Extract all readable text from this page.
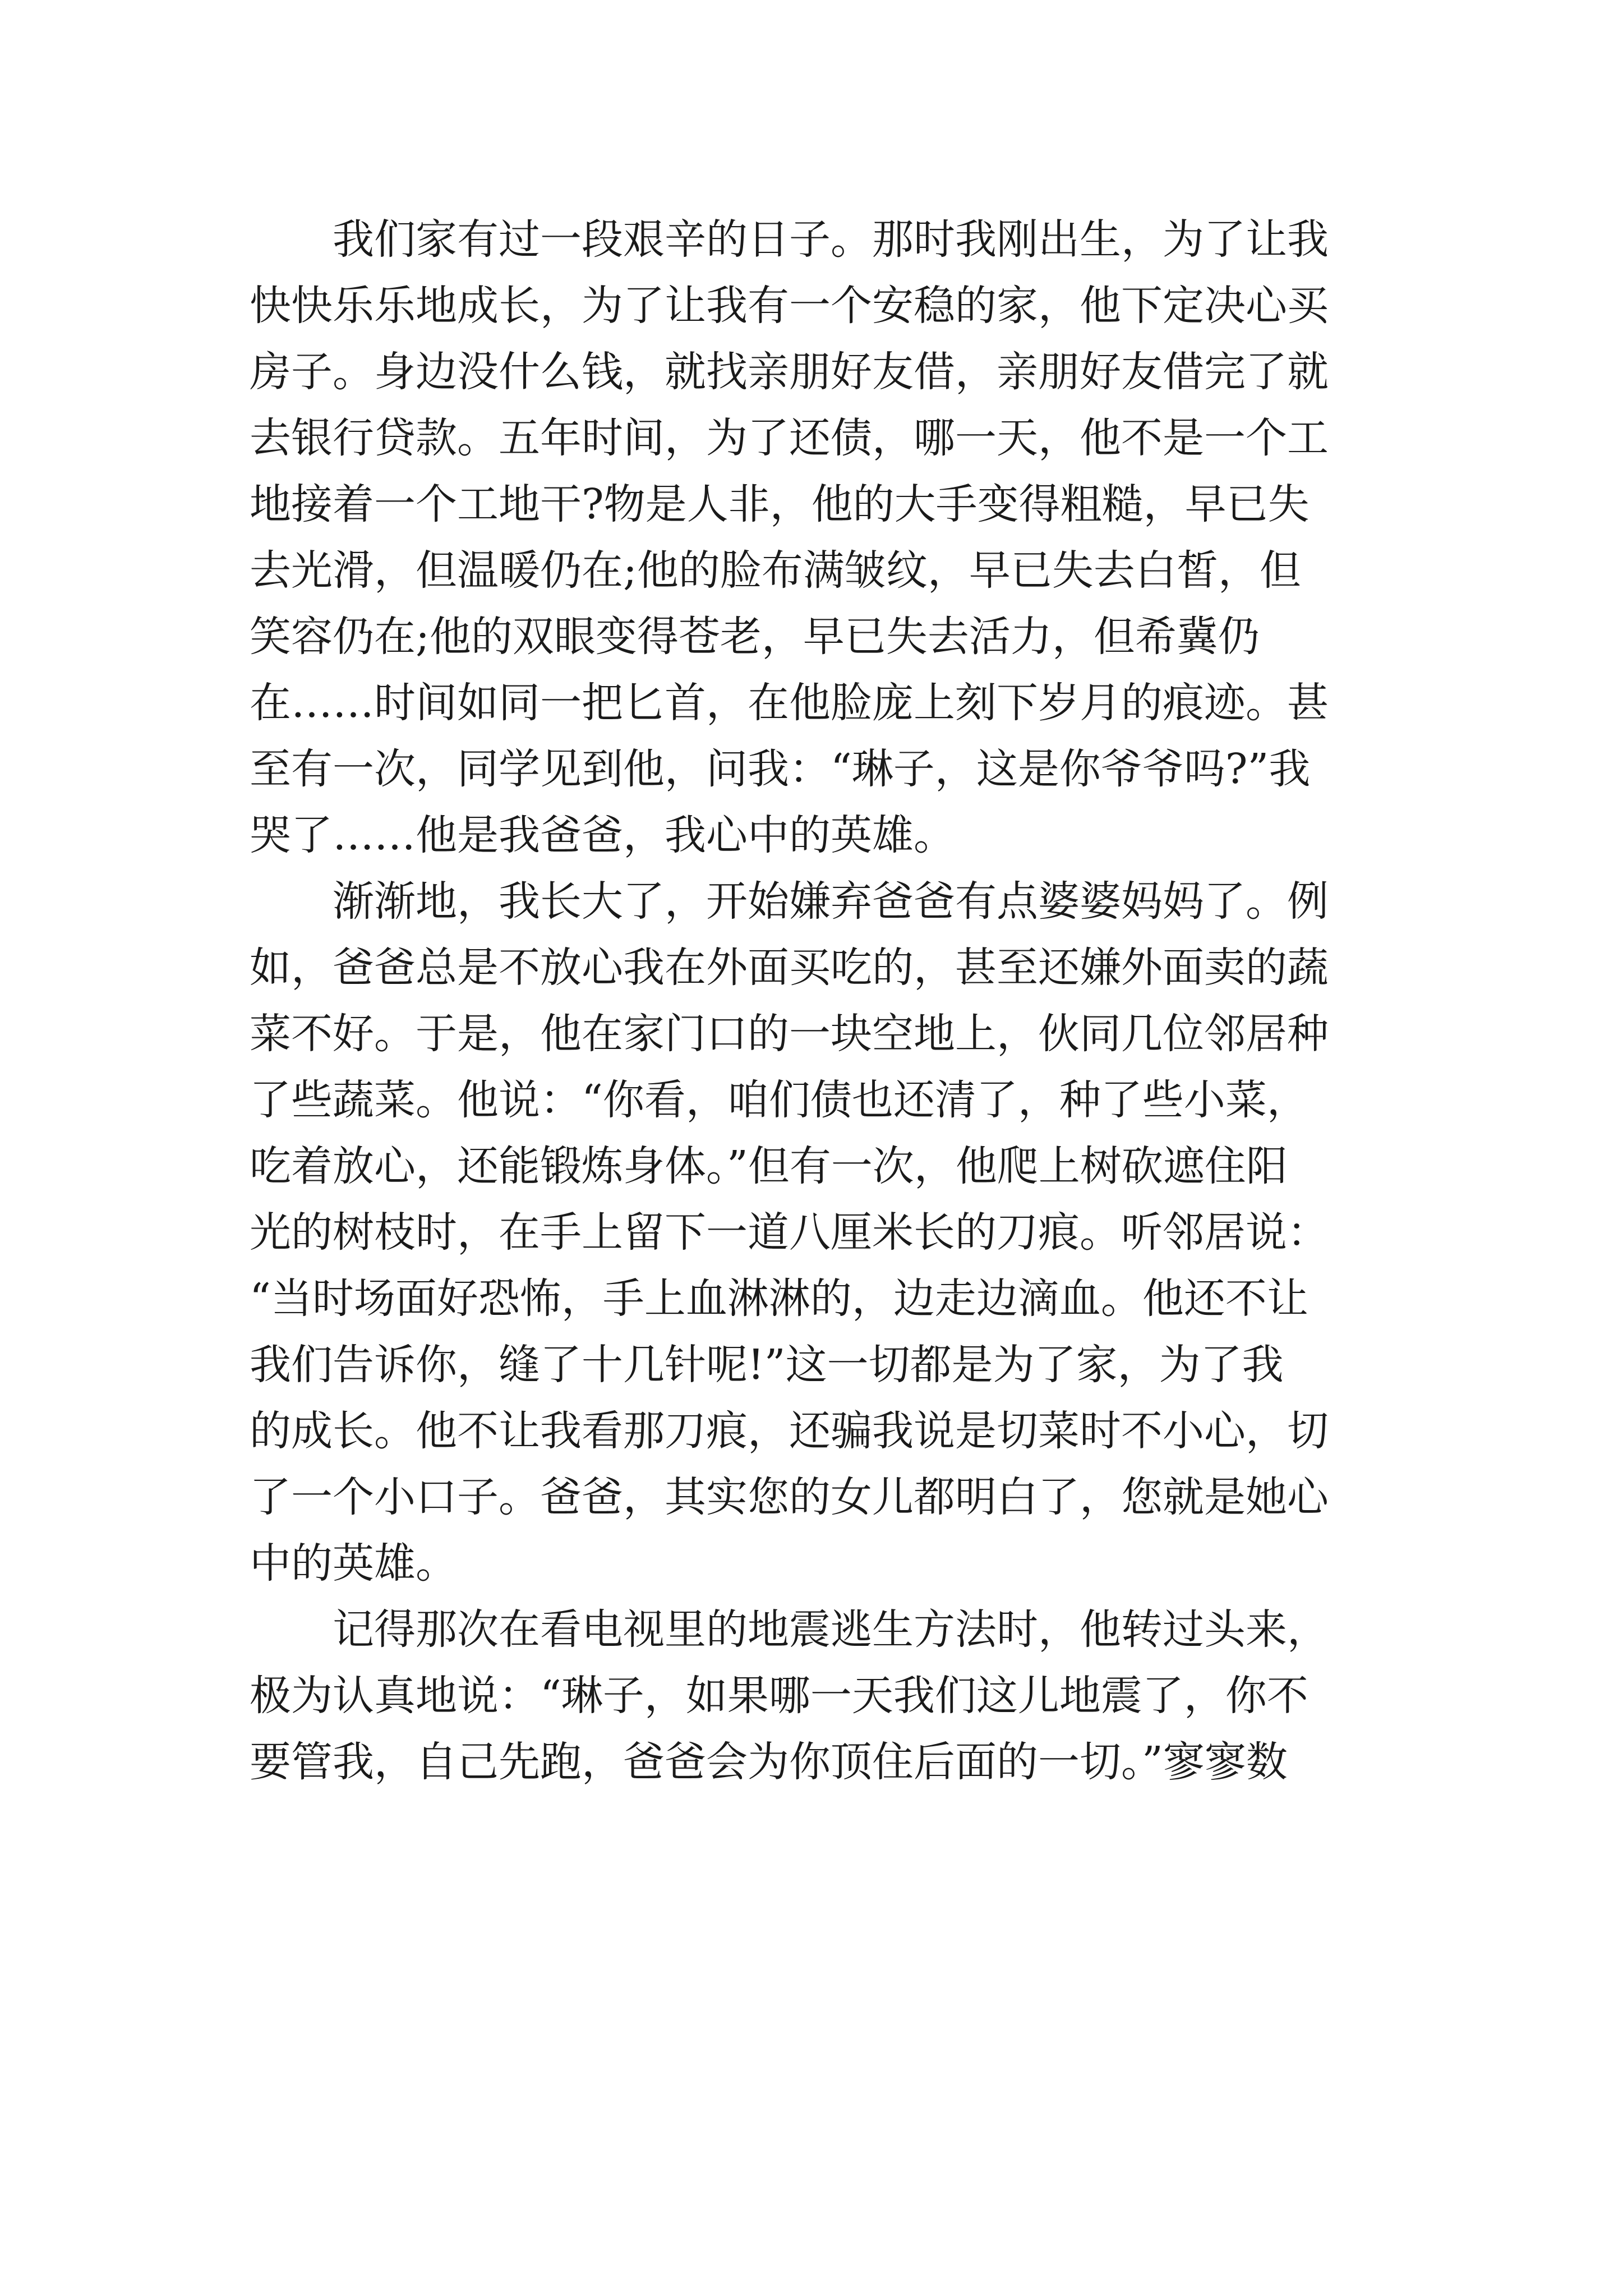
我们家有过一段艰辛的日子。那时我刚出生，为了让我
快快乐乐地成长，为了让我有一个安稳的家，他下定决心买
房子。身边没什么钱，就找亲朋好友借，亲朋好友借完了就
去银行贷款。五年时间，为了还债，哪一天，他不是一个工
地接着一个工地干?物是人非，他的大手变得粗糙，早已失
去光滑，但温暖仍在;他的脸布满皱纹，早已失去白皙，但
笑容仍在;他的双眼变得苍老，早已失去活力，但希冀仍
在……时间如同一把匕首，在他脸庞上刻下岁月的痕迹。甚
至有一次，同学见到他，问我：“琳子，这是你爷爷吗?”我
哭了……他是我爸爸，我心中的英雄。
渐渐地，我长大了，开始嫌弃爸爸有点婆婆妈妈了。例
如，爸爸总是不放心我在外面买吃的，甚至还嫌外面卖的蔬
菜不好。于是，他在家门口的一块空地上，伙同几位邻居种
了些蔬菜。他说：“你看，咱们债也还清了，种了些小菜，
吃着放心，还能锻炼身体。”但有一次，他爬上树砍遮住阳
光的树枝时，在手上留下一道八厘米长的刀痕。听邻居说：
“当时场面好恐怖，手上血淋淋的，边走边滴血。他还不让
我们告诉你，缝了十几针呢!”这一切都是为了家，为了我
的成长。他不让我看那刀痕，还骗我说是切菜时不小心，切
了一个小口子。爸爸，其实您的女儿都明白了，您就是她心
中的英雄。
记得那次在看电视里的地震逃生方法时，他转过头来，
极为认真地说：“琳子，如果哪一天我们这儿地震了，你不
要管我，自己先跑，爸爸会为你顶住后面的一切。”寥寥数
